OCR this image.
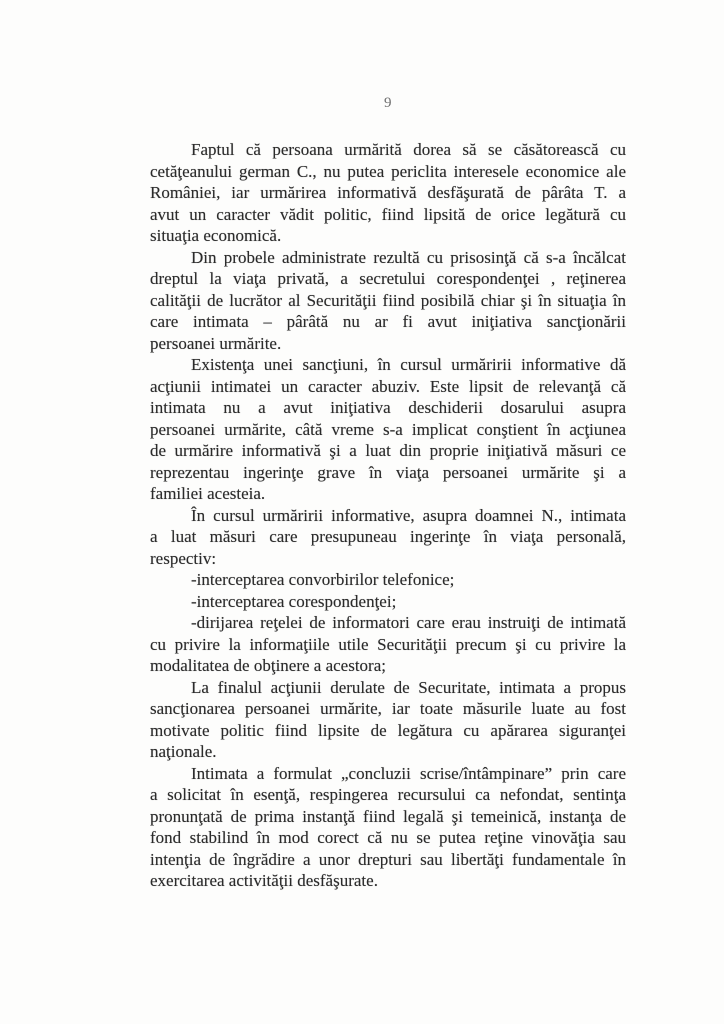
9
Faptul că persoana urmărită dorea să se căsătorească cu
cetăţeanului german C., nu putea periclita interesele economice ale
României, iar urmărirea informativă desfăşurată de pârâta T. a
avut un caracter vădit politic, fiind lipsită de orice legătură cu
situaţia economică.
Din probele administrate rezultă cu prisosinţă că s-a încălcat
dreptul la viaţa privată, a secretului corespondenţei , reţinerea
calităţii de lucrător al Securităţii fiind posibilă chiar şi în situaţia în
care intimata – pârâtă nu ar fi avut iniţiativa sancţionării
persoanei urmărite.
Existenţa unei sancţiuni, în cursul urmăririi informative dă
acţiunii intimatei un caracter abuziv. Este lipsit de relevanţă că
intimata nu a avut iniţiativa deschiderii dosarului asupra
persoanei urmărite, câtă vreme s-a implicat conştient în acţiunea
de urmărire informativă şi a luat din proprie iniţiativă măsuri ce
reprezentau ingerinţe grave în viaţa persoanei urmărite şi a
familiei acesteia.
În cursul urmăririi informative, asupra doamnei N., intimata
a luat măsuri care presupuneau ingerinţe în viaţa personală,
respectiv:
-interceptarea convorbirilor telefonice;
-interceptarea corespondenţei;
-dirijarea reţelei de informatori care erau instruiţi de intimată
cu privire la informaţiile utile Securităţii precum şi cu privire la
modalitatea de obţinere a acestora;
La finalul acţiunii derulate de Securitate, intimata a propus
sancţionarea persoanei urmărite, iar toate măsurile luate au fost
motivate politic fiind lipsite de legătura cu apărarea siguranţei
naţionale.
Intimata a formulat „concluzii scrise/întâmpinare” prin care
a solicitat în esenţă, respingerea recursului ca nefondat, sentinţa
pronunţată de prima instanţă fiind legală şi temeinică, instanţa de
fond stabilind în mod corect că nu se putea reţine vinovăţia sau
intenţia de îngrădire a unor drepturi sau libertăţi fundamentale în
exercitarea activităţii desfăşurate.
